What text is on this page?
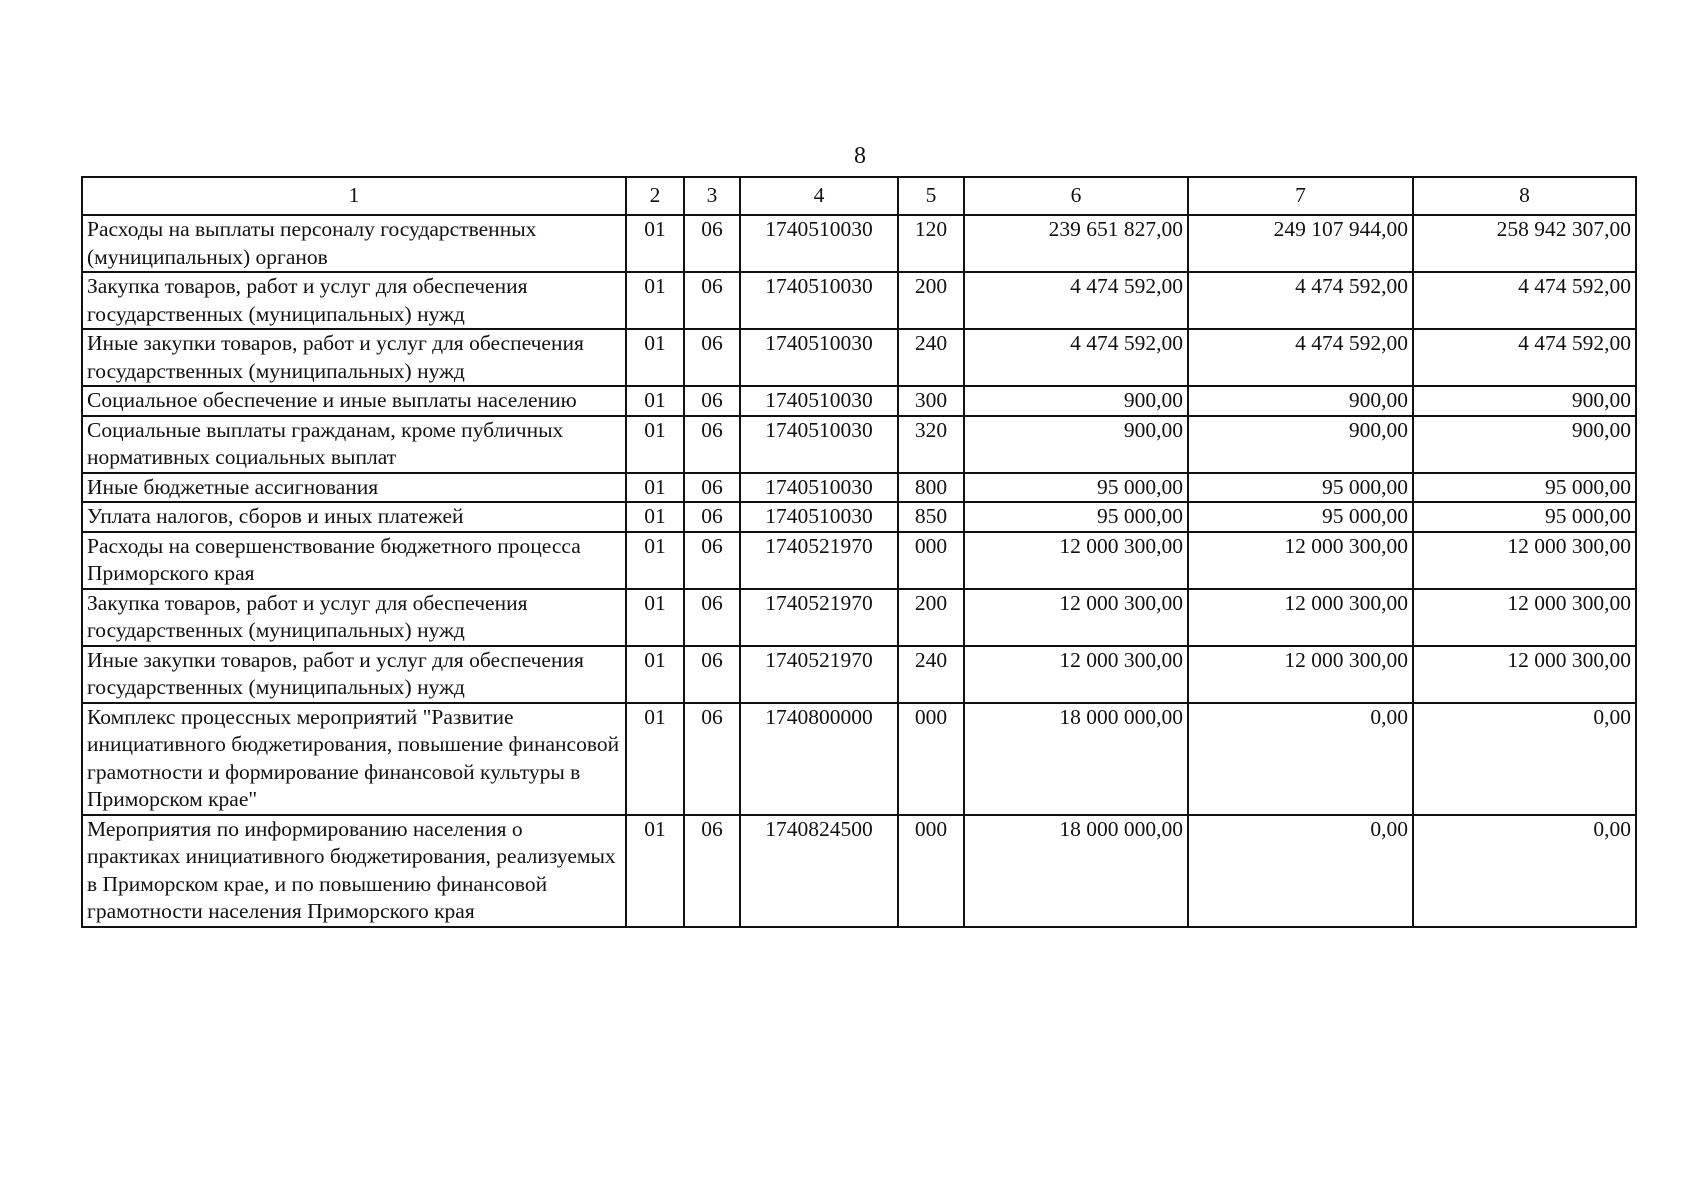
8
1	2	3	4	5	6	7	8
Расходы на выплаты персоналу государственных (муниципальных) органов	01	06	1740510030	120	239 651 827,00	249 107 944,00	258 942 307,00
Закупка товаров, работ и услуг для обеспечения государственных (муниципальных) нужд	01	06	1740510030	200	4 474 592,00	4 474 592,00	4 474 592,00
Иные закупки товаров, работ и услуг для обеспечения государственных (муниципальных) нужд	01	06	1740510030	240	4 474 592,00	4 474 592,00	4 474 592,00
Социальное обеспечение и иные выплаты населению	01	06	1740510030	300	900,00	900,00	900,00
Социальные выплаты гражданам, кроме публичных нормативных социальных выплат	01	06	1740510030	320	900,00	900,00	900,00
Иные бюджетные ассигнования	01	06	1740510030	800	95 000,00	95 000,00	95 000,00
Уплата налогов, сборов и иных платежей	01	06	1740510030	850	95 000,00	95 000,00	95 000,00
Расходы на совершенствование бюджетного процесса Приморского края	01	06	1740521970	000	12 000 300,00	12 000 300,00	12 000 300,00
Закупка товаров, работ и услуг для обеспечения государственных (муниципальных) нужд	01	06	1740521970	200	12 000 300,00	12 000 300,00	12 000 300,00
Иные закупки товаров, работ и услуг для обеспечения государственных (муниципальных) нужд	01	06	1740521970	240	12 000 300,00	12 000 300,00	12 000 300,00
Комплекс процессных мероприятий "Развитие инициативного бюджетирования, повышение финансовой грамотности и формирование финансовой культуры в Приморском крае"	01	06	1740800000	000	18 000 000,00	0,00	0,00
Мероприятия по информированию населения о практиках инициативного бюджетирования, реализуемых в Приморском крае, и по повышению финансовой грамотности населения Приморского края	01	06	1740824500	000	18 000 000,00	0,00	0,00
